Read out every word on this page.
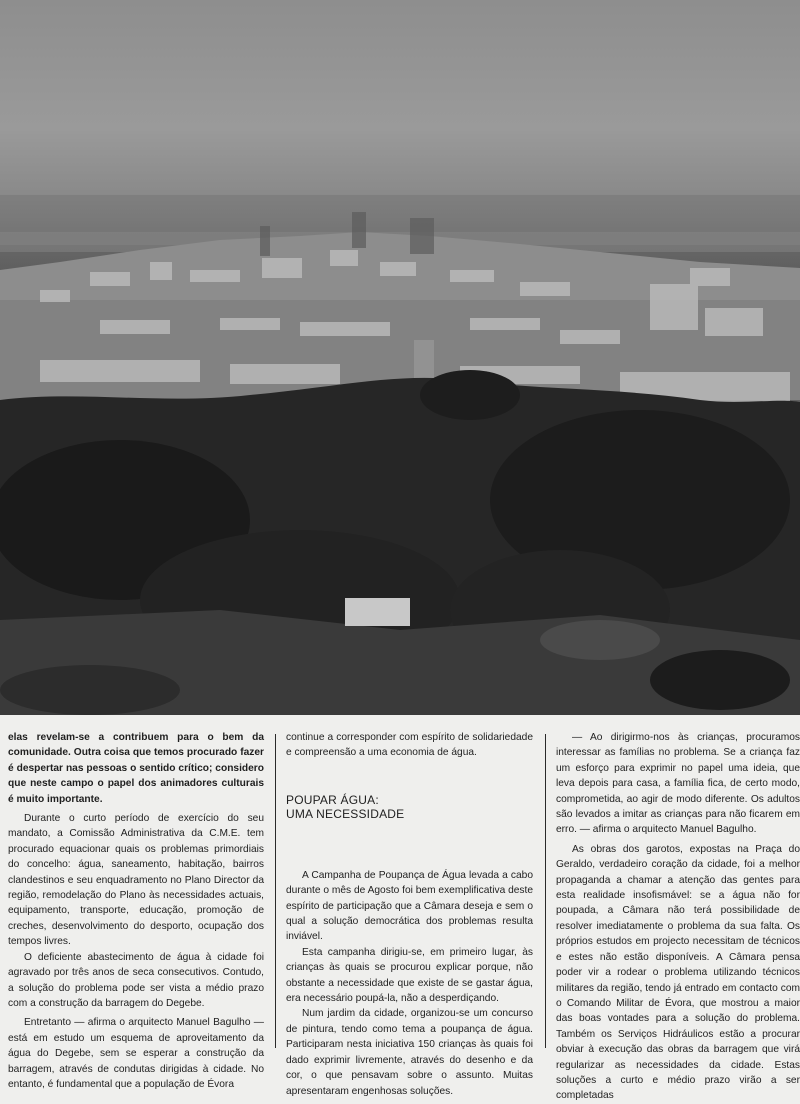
elas revelam-se a contribuem para o bem da comunidade. Outra coisa que temos procurado fazer é despertar nas pessoas o sentido crítico; considero que neste campo o papel dos animadores culturais é muito importante.

Durante o curto período de exercício do seu mandato, a Comissão Administrativa da C.M.E. tem procurado equacionar quais os problemas primordiais do concelho: água, saneamento, habitação, bairros clandestinos e seu enquadramento no Plano Director da região, remodelação do Plano às necessidades actuais, equipamento, transporte, educação, promoção de creches, desenvolvimento do desporto, ocupação dos tempos livres.

O deficiente abastecimento de água à cidade foi agravado por três anos de seca consecutivos. Contudo, a solução do problema pode ser vista a médio prazo com a construção da barragem do Degebe.

Entretanto — afirma o arquitecto Manuel Bagulho — está em estudo um esquema de aproveitamento da água do Degebe, sem se esperar a construção da barragem, através de condutas dirigidas à cidade. No entanto, é fundamental que a população de Évora

continue a corresponder com espírito de solidariedade e compreensão a uma economia de água.

POUPAR ÁGUA:
UMA NECESSIDADE

A Campanha de Poupança de Água levada a cabo durante o mês de Agosto foi bem exemplificativa deste espírito de participação que a Câmara deseja e sem o qual a solução democrática dos problemas resulta inviável.

Esta campanha dirigiu-se, em primeiro lugar, às crianças às quais se procurou explicar porque, não obstante a necessidade que existe de se gastar água, era necessário poupá-la, não a desperdiçando.

Num jardim da cidade, organizou-se um concurso de pintura, tendo como tema a poupança de água. Participaram nesta iniciativa 150 crianças às quais foi dado exprimir livremente, através do desenho e da cor, o que pensavam sobre o assunto. Muitas apresentaram engenhosas soluções.

— Ao dirigirmo-nos às crianças, procuramos interessar as famílias no problema. Se a criança faz um esforço para exprimir no papel uma ideia, que leva depois para casa, a família fica, de certo modo, comprometida, ao agir de modo diferente. Os adultos são levados a imitar as crianças para não ficarem em erro. — afirma o arquitecto Manuel Bagulho.

As obras dos garotos, expostas na Praça do Geraldo, verdadeiro coração da cidade, foi a melhor propaganda a chamar a atenção das gentes para esta realidade insofismável: se a água não for poupada, a Câmara não terá possibilidade de resolver imediatamente o problema da sua falta. Os próprios estudos em projecto necessitam de técnicos e estes não estão disponíveis. A Câmara pensa poder vir a rodear o problema utilizando técnicos militares da região, tendo já entrado em contacto com o Comando Militar de Évora, que mostrou a maior das boas vontades para a solução do problema. Também os Serviços Hidráulicos estão a procurar obviar à execução das obras da barragem que virá regularizar as necessidades da cidade. Estas soluções a curto e médio prazo virão a ser completadas
